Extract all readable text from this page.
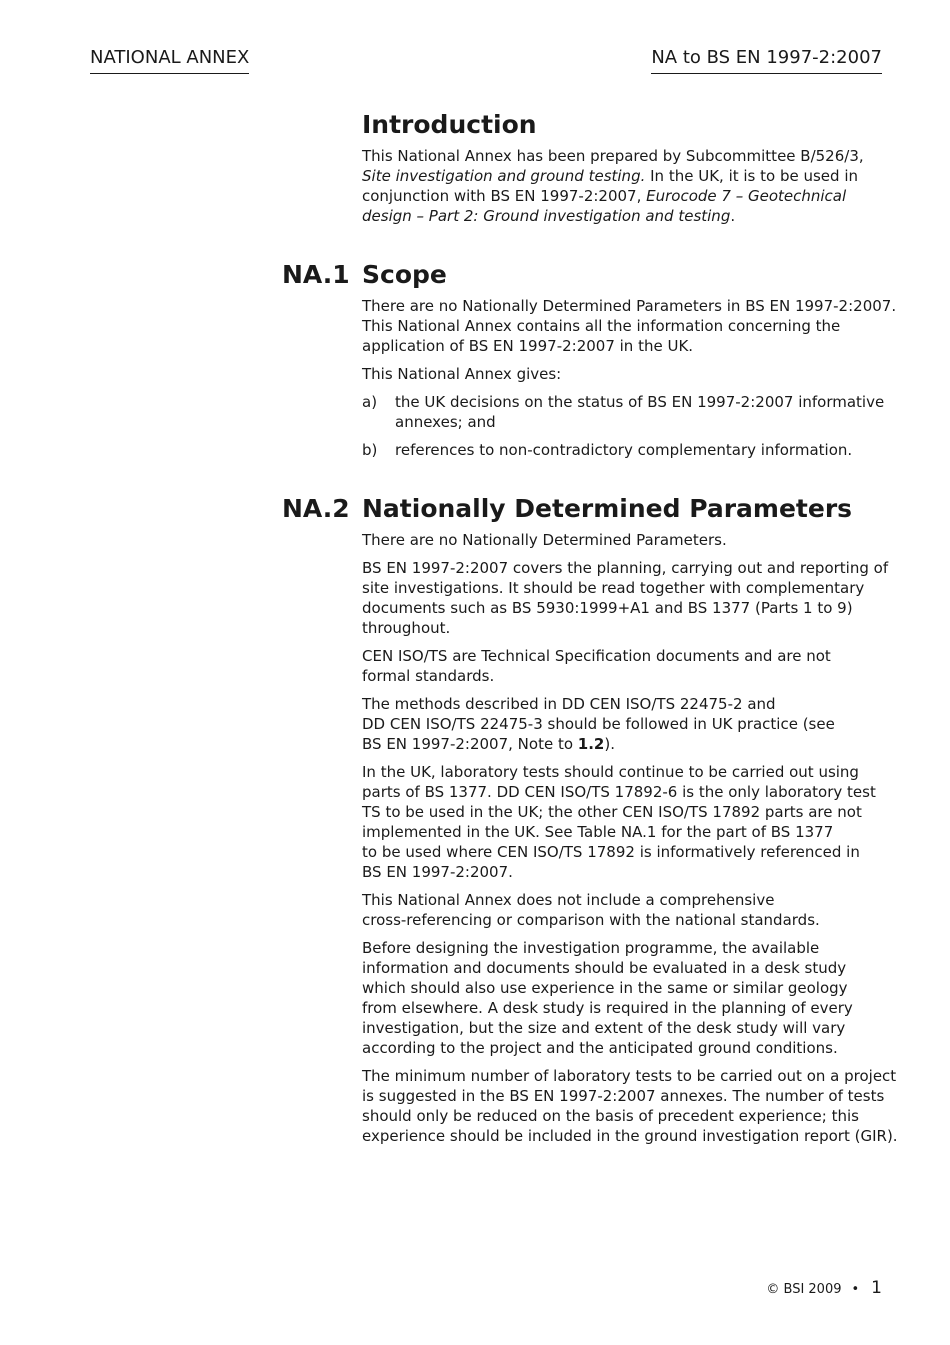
NATIONAL ANNEX	NA to BS EN 1997-2:2007
Introduction

This National Annex has been prepared by Subcommittee B/526/3,
Site investigation and ground testing. In the UK, it is to be used in
conjunction with BS EN 1997-2:2007, Eurocode 7 – Geotechnical
design – Part 2: Ground investigation and testing.

NA.1 Scope

There are no Nationally Determined Parameters in BS EN 1997-2:2007.
This National Annex contains all the information concerning the
application of BS EN 1997-2:2007 in the UK.

This National Annex gives:

a) the UK decisions on the status of BS EN 1997-2:2007 informative
annexes; and
b) references to non-contradictory complementary information.
NA.2 Nationally Determined Parameters

There are no Nationally Determined Parameters.

BS EN 1997-2:2007 covers the planning, carrying out and reporting of
site investigations. It should be read together with complementary
documents such as BS 5930:1999+A1 and BS 1377 (Parts 1 to 9)
throughout.

CEN ISO/TS are Technical Specification documents and are not
formal standards.

The methods described in DD CEN ISO/TS 22475-2 and
DD CEN ISO/TS 22475-3 should be followed in UK practice (see
BS EN 1997-2:2007, Note to 1.2).

In the UK, laboratory tests should continue to be carried out using
parts of BS 1377. DD CEN ISO/TS 17892-6 is the only laboratory test
TS to be used in the UK; the other CEN ISO/TS 17892 parts are not
implemented in the UK. See Table NA.1 for the part of BS 1377
to be used where CEN ISO/TS 17892 is informatively referenced in
BS EN 1997-2:2007.

This National Annex does not include a comprehensive
cross-referencing or comparison with the national standards.

Before designing the investigation programme, the available
information and documents should be evaluated in a desk study
which should also use experience in the same or similar geology
from elsewhere. A desk study is required in the planning of every
investigation, but the size and extent of the desk study will vary
according to the project and the anticipated ground conditions.

The minimum number of laboratory tests to be carried out on a project
is suggested in the BS EN 1997-2:2007 annexes. The number of tests
should only be reduced on the basis of precedent experience; this
experience should be included in the ground investigation report (GIR).

© BSI 2009 • 1
